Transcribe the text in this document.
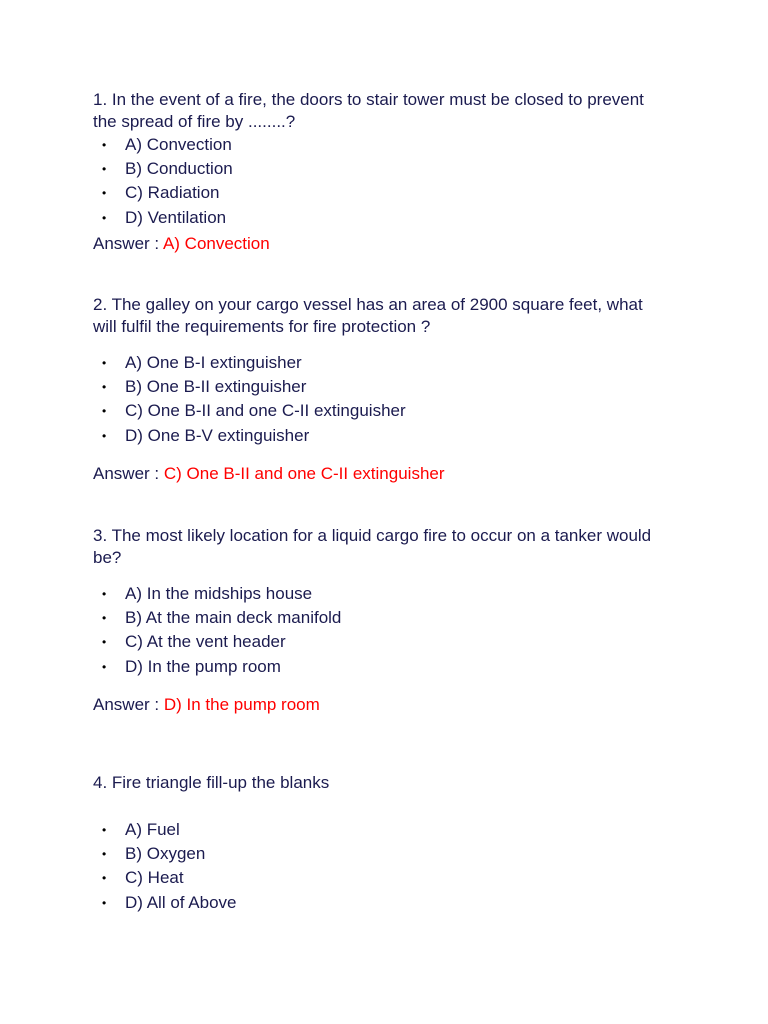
1. In the event of a fire, the doors to stair tower must be closed to prevent the spread of fire by ........?

• A) Convection
• B) Conduction
• C) Radiation
• D) Ventilation
Answer : A) Convection

2. The galley on your cargo vessel has an area of 2900 square feet, what will fulfil the requirements for fire protection ?

• A) One B-I extinguisher
• B) One B-II extinguisher
• C) One B-II and one C-II extinguisher
• D) One B-V extinguisher
Answer : C) One B-II and one C-II extinguisher

3. The most likely location for a liquid cargo fire to occur on a tanker would be?

• A) In the midships house
• B) At the main deck manifold
• C) At the vent header
• D) In the pump room
Answer : D) In the pump room

4. Fire triangle fill-up the blanks

• A) Fuel
• B) Oxygen
• C) Heat
• D) All of Above
